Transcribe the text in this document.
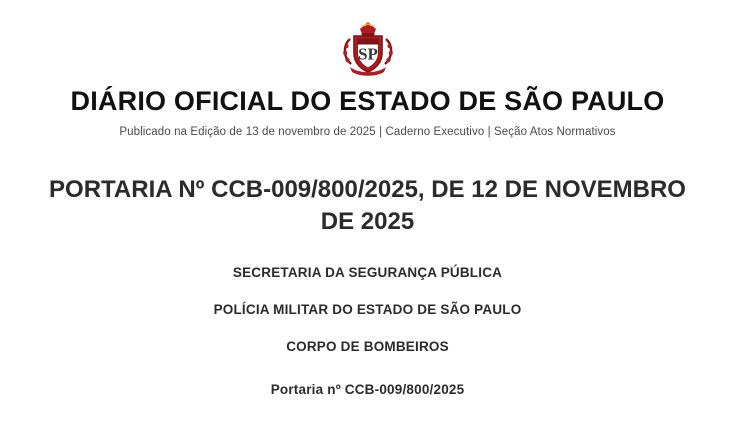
SP
DIÁRIO OFICIAL DO ESTADO DE SÃO PAULO
Publicado na Edição de 13 de novembro de 2025 | Caderno Executivo | Seção Atos Normativos
PORTARIA Nº CCB-009/800/2025, DE 12 DE NOVEMBRO DE 2025
SECRETARIA DA SEGURANÇA PÚBLICA
POLÍCIA MILITAR DO ESTADO DE SÃO PAULO
CORPO DE BOMBEIROS
Portaria nº CCB-009/800/2025
